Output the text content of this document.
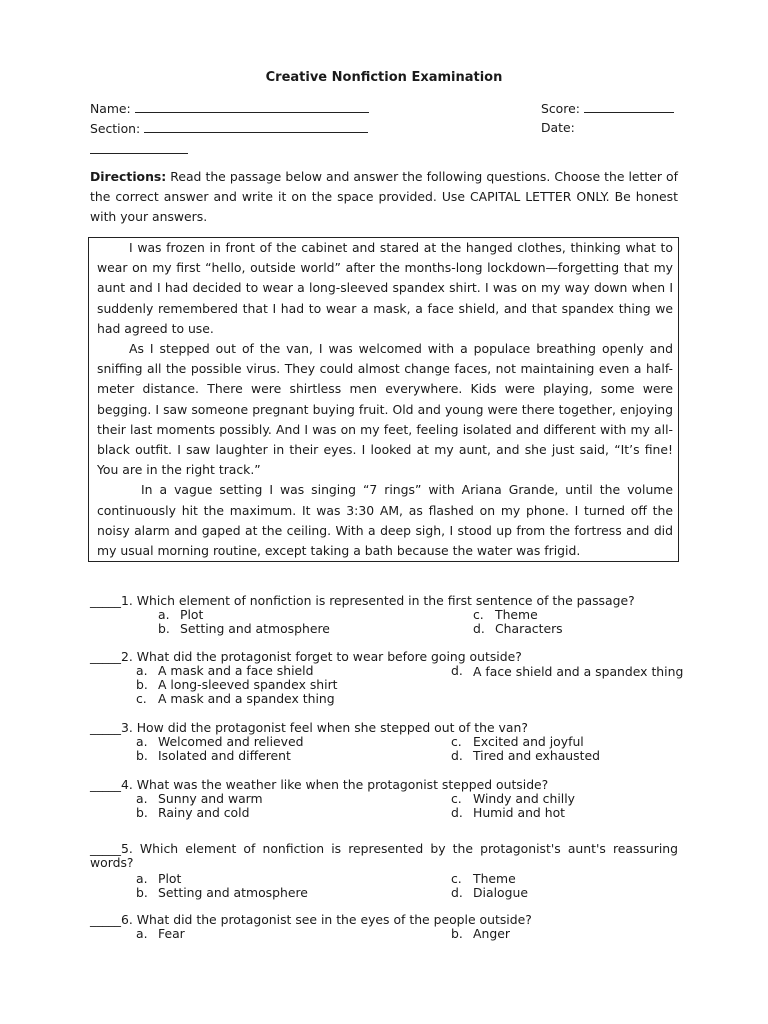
Creative Nonfiction Examination
Name:	Score:
Section:	Date:
Directions: Read the passage below and answer the following questions. Choose the letter of the correct answer and write it on the space provided. Use CAPITAL LETTER ONLY. Be honest with your answers.

I was frozen in front of the cabinet and stared at the hanged clothes, thinking what to wear on my first “hello, outside world” after the months-long lockdown—forgetting that my aunt and I had decided to wear a long-sleeved spandex shirt. I was on my way down when I suddenly remembered that I had to wear a mask, a face shield, and that spandex thing we had agreed to use.

As I stepped out of the van, I was welcomed with a populace breathing openly and sniffing all the possible virus. They could almost change faces, not maintaining even a half-meter distance. There were shirtless men everywhere. Kids were playing, some were begging. I saw someone pregnant buying fruit. Old and young were there together, enjoying their last moments possibly. And I was on my feet, feeling isolated and different with my all-black outfit. I saw laughter in their eyes. I looked at my aunt, and she just said, “It’s fine! You are in the right track.”

In a vague setting I was singing “7 rings” with Ariana Grande, until the volume continuously hit the maximum. It was 3:30 AM, as flashed on my phone. I turned off the noisy alarm and gaped at the ceiling. With a deep sigh, I stood up from the fortress and did my usual morning routine, except taking a bath because the water was frigid.

_____1. Which element of nonfiction is represented in the first sentence of the passage?
a. Plot
b. Setting and atmosphere
c. Theme
d. Characters
_____2. What did the protagonist forget to wear before going outside?
a. A mask and a face shield
b. A long-sleeved spandex shirt
c. A mask and a spandex thing
d. A face shield and a spandex thing
_____3. How did the protagonist feel when she stepped out of the van?
a. Welcomed and relieved
b. Isolated and different
c. Excited and joyful
d. Tired and exhausted
_____4. What was the weather like when the protagonist stepped outside?
a. Sunny and warm
b. Rainy and cold
c. Windy and chilly
d. Humid and hot
_____5. Which element of nonfiction is represented by the protagonist's aunt's reassuring words?
a. Plot
b. Setting and atmosphere
c. Theme
d. Dialogue
_____6. What did the protagonist see in the eyes of the people outside?
a. Fear	b. Anger
